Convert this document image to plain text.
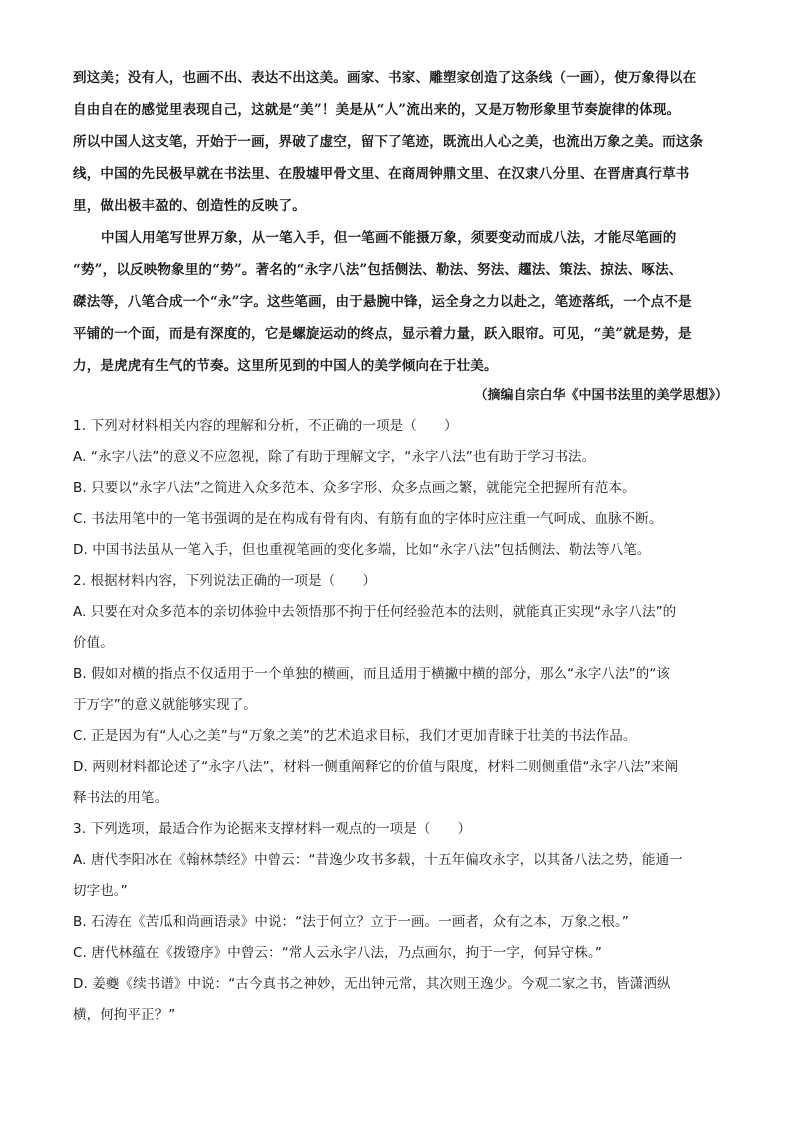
到这美；没有人，也画不出、表达不出这美。画家、书家、雕塑家创造了这条线（一画），使万象得以在
自由自在的感觉里表现自己，这就是“美”！美是从“人”流出来的，又是万物形象里节奏旋律的体现。
所以中国人这支笔，开始于一画，界破了虚空，留下了笔迹，既流出人心之美，也流出万象之美。而这条
线，中国的先民极早就在书法里、在殷墟甲骨文里、在商周钟鼎文里、在汉隶八分里、在晋唐真行草书
里，做出极丰盈的、创造性的反映了。
中国人用笔写世界万象，从一笔入手，但一笔画不能摄万象，须要变动而成八法，才能尽笔画的
“势”，以反映物象里的“势”。著名的“永字八法”包括侧法、勒法、努法、趯法、策法、掠法、啄法、
磔法等，八笔合成一个“永”字。这些笔画，由于悬腕中锋，运全身之力以赴之，笔迹落纸，一个点不是
平铺的一个面，而是有深度的，它是螺旋运动的终点，显示着力量，跃入眼帘。可见，“美”就是势，是
力，是虎虎有生气的节奏。这里所见到的中国人的美学倾向在于壮美。
（摘编自宗白华《中国书法里的美学思想》）
1. 下列对材料相关内容的理解和分析，不正确的一项是（　　）
A. “永字八法”的意义不应忽视，除了有助于理解文字，“永字八法”也有助于学习书法。
B. 只要以“永字八法”之简进入众多范本、众多字形、众多点画之繁，就能完全把握所有范本。
C. 书法用笔中的一笔书强调的是在构成有骨有肉、有筋有血的字体时应注重一气呵成、血脉不断。
D. 中国书法虽从一笔入手，但也重视笔画的变化多端，比如“永字八法”包括侧法、勒法等八笔。
2. 根据材料内容，下列说法正确的一项是（　　）
A. 只要在对众多范本的亲切体验中去领悟那不拘于任何经验范本的法则，就能真正实现“永字八法”的
价值。
B. 假如对横的指点不仅适用于一个单独的横画，而且适用于横撇中横的部分，那么“永字八法”的“该
于万字”的意义就能够实现了。
C. 正是因为有“人心之美”与“万象之美”的艺术追求目标，我们才更加青睐于壮美的书法作品。
D. 两则材料都论述了“永字八法”，材料一侧重阐释它的价值与限度，材料二则侧重借“永字八法”来阐
释书法的用笔。
3. 下列选项，最适合作为论据来支撑材料一观点的一项是（　　）
A. 唐代李阳冰在《翰林禁经》中曾云：“昔逸少攻书多载，十五年偏攻永字，以其备八法之势，能通一
切字也。”
B. 石涛在《苦瓜和尚画语录》中说：“法于何立？立于一画。一画者，众有之本，万象之根。”
C. 唐代林蕴在《拨镫序》中曾云：“常人云永字八法，乃点画尔，拘于一字，何异守株。”
D. 姜夔《续书谱》中说：“古今真书之神妙，无出钟元常，其次则王逸少。今观二家之书，皆潇洒纵
横，何拘平正？”
